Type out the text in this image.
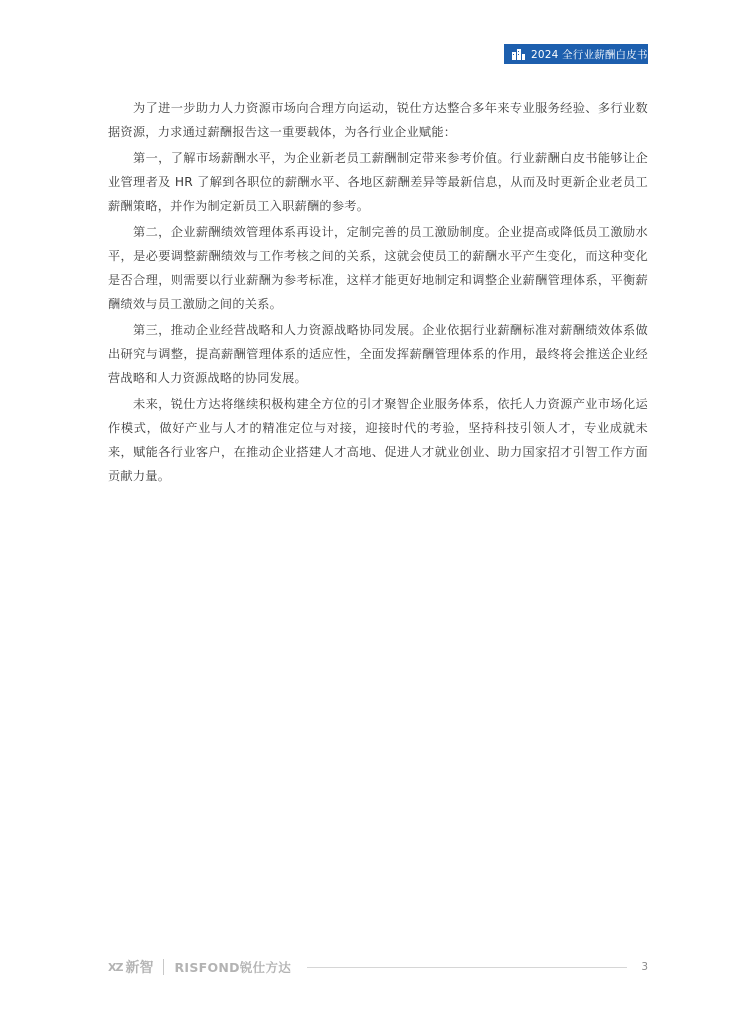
2024 全行业薪酬白皮书

为了进一步助力人力资源市场向合理方向运动，锐仕方达整合多年来专业服务经验、多行业数据资源，力求通过薪酬报告这一重要载体，为各行业企业赋能：

第一，了解市场薪酬水平，为企业新老员工薪酬制定带来参考价值。行业薪酬白皮书能够让企业管理者及 HR 了解到各职位的薪酬水平、各地区薪酬差异等最新信息，从而及时更新企业老员工薪酬策略，并作为制定新员工入职薪酬的参考。

第二，企业薪酬绩效管理体系再设计，定制完善的员工激励制度。企业提高或降低员工激励水平，是必要调整薪酬绩效与工作考核之间的关系，这就会使员工的薪酬水平产生变化，而这种变化是否合理，则需要以行业薪酬为参考标准，这样才能更好地制定和调整企业薪酬管理体系，平衡薪酬绩效与员工激励之间的关系。

第三，推动企业经营战略和人力资源战略协同发展。企业依据行业薪酬标准对薪酬绩效体系做出研究与调整，提高薪酬管理体系的适应性，全面发挥薪酬管理体系的作用，最终将会推送企业经营战略和人力资源战略的协同发展。

未来，锐仕方达将继续积极构建全方位的引才聚智企业服务体系，依托人力资源产业市场化运作模式，做好产业与人才的精准定位与对接，迎接时代的考验，坚持科技引领人才，专业成就未来，赋能各行业客户，在推动企业搭建人才高地、促进人才就业创业、助力国家招才引智工作方面贡献力量。

XZ 新智 RISFOND锐仕方达	3
